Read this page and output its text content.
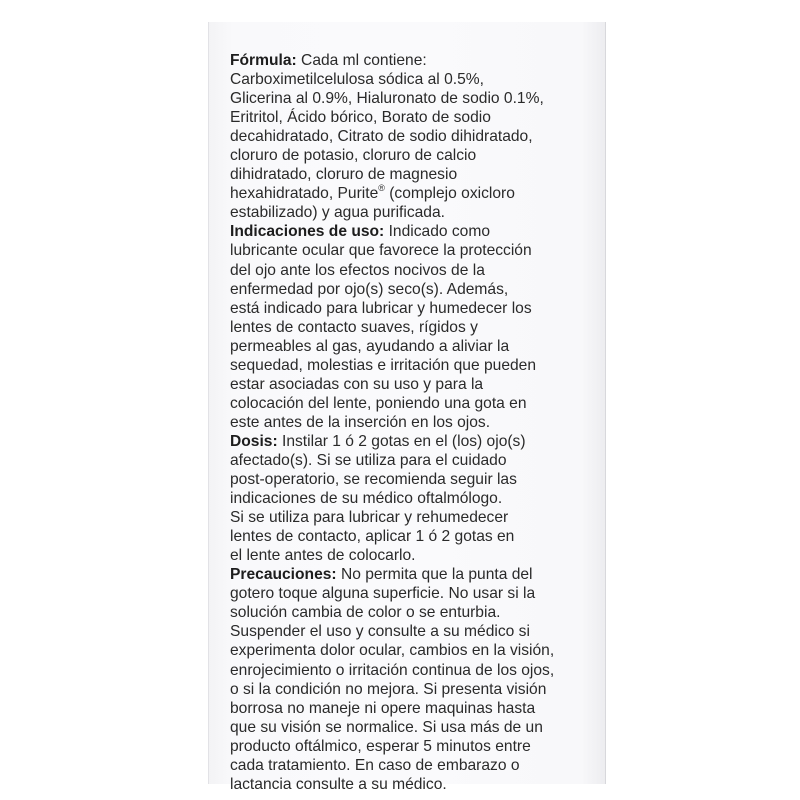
Fórmula: Cada ml contiene:
Carboximetilcelulosa sódica al 0.5%,
Glicerina al 0.9%, Hialuronato de sodio 0.1%,
Eritritol, Ácido bórico, Borato de sodio
decahidratado, Citrato de sodio dihidratado,
cloruro de potasio, cloruro de calcio
dihidratado, cloruro de magnesio
hexahidratado, Purite® (complejo oxicloro
estabilizado) y agua purificada.

Indicaciones de uso: Indicado como
lubricante ocular que favorece la protección
del ojo ante los efectos nocivos de la
enfermedad por ojo(s) seco(s). Además,
está indicado para lubricar y humedecer los
lentes de contacto suaves, rígidos y
permeables al gas, ayudando a aliviar la
sequedad, molestias e irritación que pueden
estar asociadas con su uso y para la
colocación del lente, poniendo una gota en
este antes de la inserción en los ojos.

Dosis: Instilar 1 ó 2 gotas en el (los) ojo(s)
afectado(s). Si se utiliza para el cuidado
post-operatorio, se recomienda seguir las
indicaciones de su médico oftalmólogo.
Si se utiliza para lubricar y rehumedecer
lentes de contacto, aplicar 1 ó 2 gotas en
el lente antes de colocarlo.

Precauciones: No permita que la punta del
gotero toque alguna superficie. No usar si la
solución cambia de color o se enturbia.
Suspender el uso y consulte a su médico si
experimenta dolor ocular, cambios en la visión,
enrojecimiento o irritación continua de los ojos,
o si la condición no mejora. Si presenta visión
borrosa no maneje ni opere maquinas hasta
que su visión se normalice. Si usa más de un
producto oftálmico, esperar 5 minutos entre
cada tratamiento. En caso de embarazo o
lactancia consulte a su médico.
